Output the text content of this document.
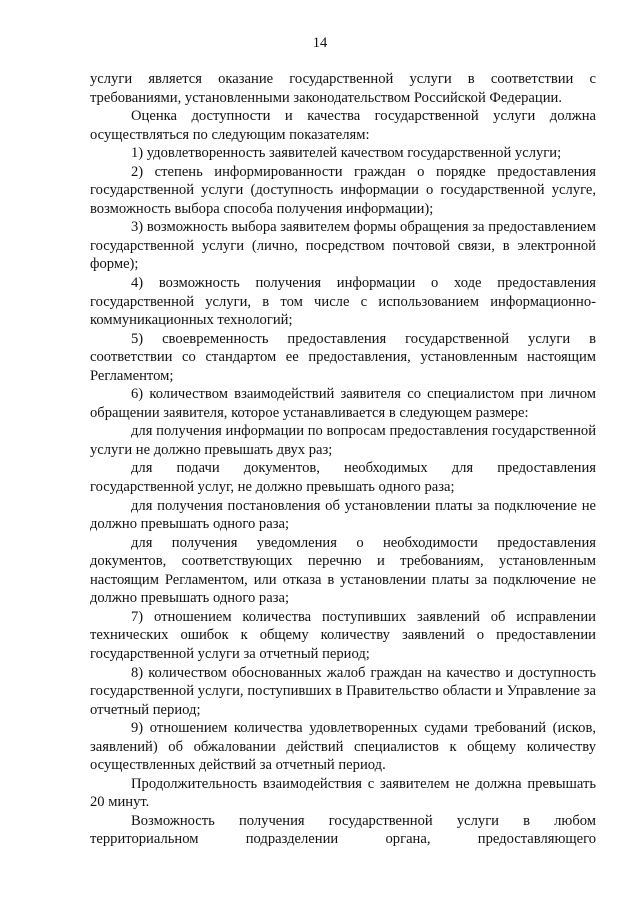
14

услуги является оказание государственной услуги в соответствии с требованиями, установленными законодательством Российской Федерации.

Оценка доступности и качества государственной услуги должна осуществляться по следующим показателям:

1) удовлетворенность заявителей качеством государственной услуги;

2) степень информированности граждан о порядке предоставления государственной услуги (доступность информации о государственной услуге, возможность выбора способа получения информации);

3) возможность выбора заявителем формы обращения за предоставлением государственной услуги (лично, посредством почтовой связи, в электронной форме);

4) возможность получения информации о ходе предоставления государственной услуги, в том числе с использованием информационно-коммуникационных технологий;

5) своевременность предоставления государственной услуги в соответствии со стандартом ее предоставления, установленным настоящим Регламентом;

6) количеством взаимодействий заявителя со специалистом при личном обращении заявителя, которое устанавливается в следующем размере:

для получения информации по вопросам предоставления государственной услуги не должно превышать двух раз;

для подачи документов, необходимых для предоставления государственной услуг, не должно превышать одного раза;

для получения постановления об установлении платы за подключение не должно превышать одного раза;

для получения уведомления о необходимости предоставления документов, соответствующих перечню и требованиям, установленным настоящим Регламентом, или отказа в установлении платы за подключение не должно превышать одного раза;

7) отношением количества поступивших заявлений об исправлении технических ошибок к общему количеству заявлений о предоставлении государственной услуги за отчетный период;

8) количеством обоснованных жалоб граждан на качество и доступность государственной услуги, поступивших в Правительство области и Управление за отчетный период;

9) отношением количества удовлетворенных судами требований (исков, заявлений) об обжаловании действий специалистов к общему количеству осуществленных действий за отчетный период.

Продолжительность взаимодействия с заявителем не должна превышать 20 минут.

Возможность получения государственной услуги в любом территориальном подразделении органа, предоставляющего
